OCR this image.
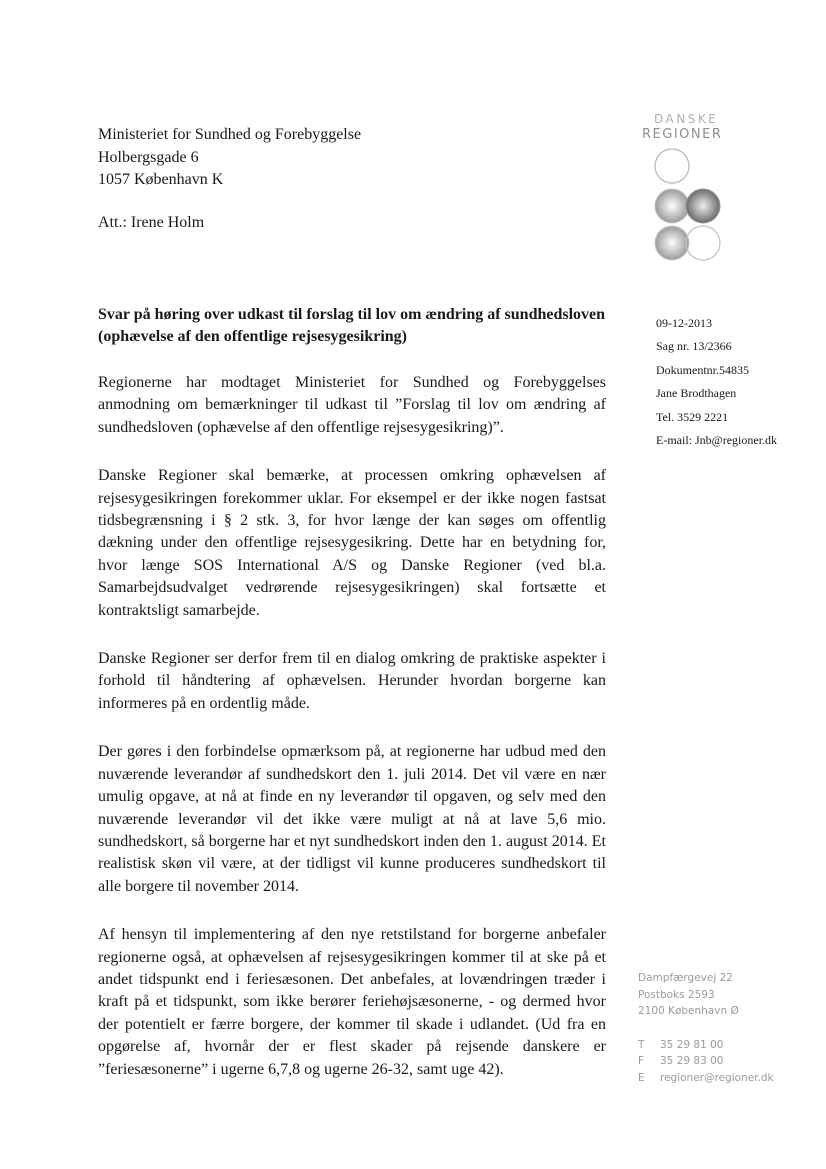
Ministeriet for Sundhed og Forebyggelse
Holbergsgade 6
1057 København K
Att.: Irene Holm
DANSKE
REGIONER
Svar på høring over udkast til forslag til lov om ændring af sundhedsloven (ophævelse af den offentlige rejsesygesikring)

Regionerne har modtaget Ministeriet for Sundhed og Forebyggelses anmodning om bemærkninger til udkast til ”Forslag til lov om ændring af sundhedsloven (ophævelse af den offentlige rejsesygesikring)”.

Danske Regioner skal bemærke, at processen omkring ophævelsen af rejsesygesikringen forekommer uklar. For eksempel er der ikke nogen fastsat tidsbegrænsning i § 2 stk. 3, for hvor længe der kan søges om offentlig dækning under den offentlige rejsesygesikring. Dette har en betydning for, hvor længe SOS International A/S og Danske Regioner (ved bl.a. Samarbejdsudvalget vedrørende rejsesygesikringen) skal fortsætte et kontraktsligt samarbejde.

Danske Regioner ser derfor frem til en dialog omkring de praktiske aspekter i forhold til håndtering af ophævelsen. Herunder hvordan borgerne kan informeres på en ordentlig måde.

Der gøres i den forbindelse opmærksom på, at regionerne har udbud med den nuværende leverandør af sundhedskort den 1. juli 2014. Det vil være en nær umulig opgave, at nå at finde en ny leverandør til opgaven, og selv med den nuværende leverandør vil det ikke være muligt at nå at lave 5,6 mio. sundhedskort, så borgerne har et nyt sundhedskort inden den 1. august 2014. Et realistisk skøn vil være, at der tidligst vil kunne produceres sundhedskort til alle borgere til november 2014.

Af hensyn til implementering af den nye retstilstand for borgerne anbefaler regionerne også, at ophævelsen af rejsesygesikringen kommer til at ske på et andet tidspunkt end i feriesæsonen. Det anbefales, at lovændringen træder i kraft på et tidspunkt, som ikke berører feriehøjsæsonerne, - og dermed hvor der potentielt er færre borgere, der kommer til skade i udlandet. (Ud fra en opgørelse af, hvornår der er flest skader på rejsende danskere er ”feriesæsonerne” i ugerne 6,7,8 og ugerne 26-32, samt uge 42).

09-12-2013
Sag nr. 13/2366
Dokumentnr.54835
Jane Brodthagen
Tel. 3529 2221
E-mail: Jnb@regioner.dk
Dampfærgevej 22
Postboks 2593
2100 København Ø
T 35 29 81 00
F 35 29 83 00
E regioner@regioner.dk
